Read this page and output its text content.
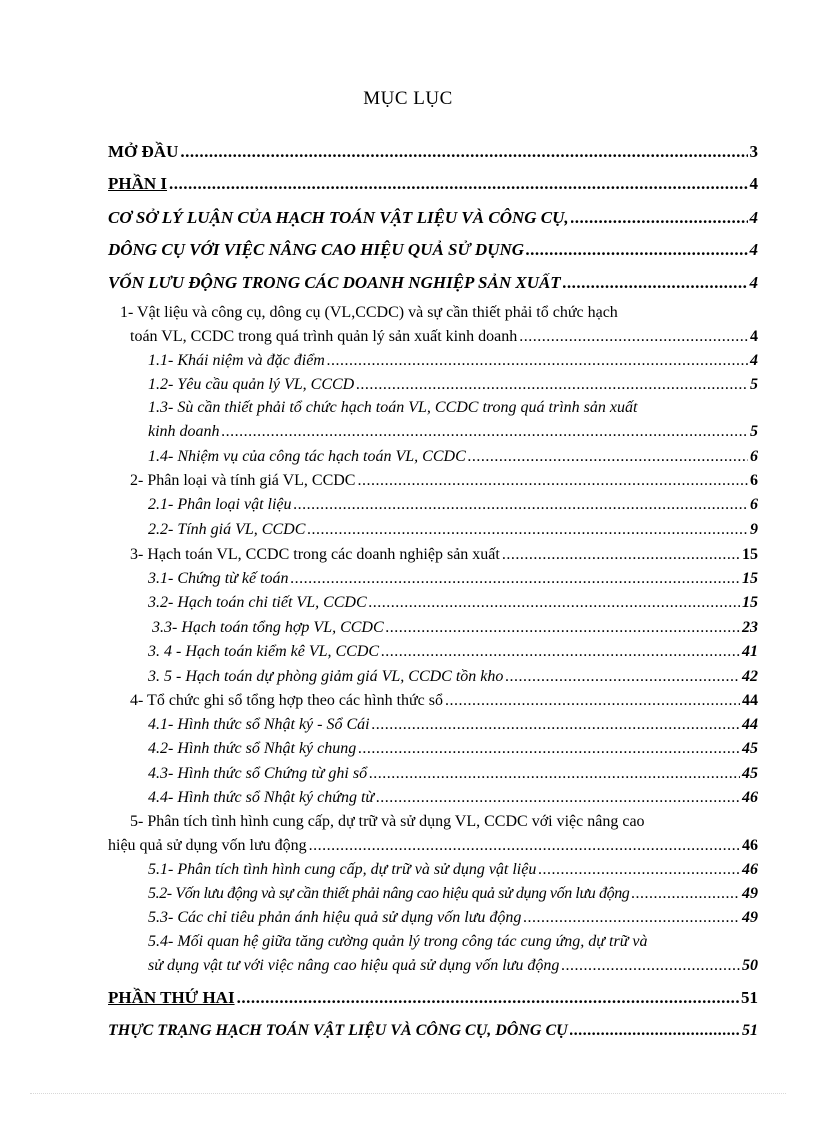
MỤC LỤC
MỞ ĐẦU .....	3
PHẦN I .....	4
CƠ SỞ LÝ LUẬN CỦA HẠCH TOÁN VẬT LIỆU VÀ CÔNG CỤ, .....	4
DÔNG CỤ VỚI VIỆC NÂNG CAO HIỆU QUẢ SỬ DỤNG .....	4
VỐN LƯU ĐỘNG TRONG CÁC DOANH NGHIỆP SẢN XUẤT .....	4
1- Vật liệu và công cụ, dông cụ (VL,CCDC) và sự cần thiết phải tổ chức hạch
toán VL, CCDC trong quá trình quản lý sản xuất kinh doanh .....	4
1.1- Khái niệm và đặc điểm .....	4
1.2- Yêu cầu quản lý VL, CCCD .....	5
1.3- Sù cần thiết phải tổ chức hạch toán VL, CCDC trong quá trình sản xuất
kinh doanh .....	5
1.4- Nhiệm vụ của công tác hạch toán VL, CCDC .....	6
2- Phân loại và tính giá VL, CCDC .....	6
2.1- Phân loại vật liệu .....	6
2.2- Tính giá VL, CCDC .....	9
3- Hạch toán VL, CCDC trong các doanh nghiệp sản xuất .....	15
3.1- Chứng từ kế toán .....	15
3.2- Hạch toán chi tiết VL, CCDC .....	15
3.3- Hạch toán tổng hợp VL, CCDC .....	23
3. 4 - Hạch toán kiểm kê VL, CCDC .....	41
3. 5 - Hạch toán dự phòng giảm giá VL, CCDC tồn kho .....	42
4- Tổ chức ghi sổ tổng hợp theo các hình thức sổ .....	44
4.1- Hình thức sổ Nhật ký - Sổ Cái .....	44
4.2- Hình thức sổ Nhật ký chung .....	45
4.3- Hình thức sổ Chứng từ ghi sổ .....	45
4.4- Hình thức sổ Nhật ký chứng từ .....	46
5- Phân tích tình hình cung cấp, dự trữ và sử dụng VL, CCDC với việc nâng cao
hiệu quả sử dụng vốn lưu động .....	46
5.1- Phân tích tình hình cung cấp, dự trữ và sử dụng vật liệu .....	46
5.2- Vốn lưu động và sự cần thiết phải nâng cao hiệu quả sử dụng vốn lưu động .....	49
5.3- Các chỉ tiêu phản ánh hiệu quả sử dụng vốn lưu động .....	49
5.4- Mối quan hệ giữa tăng cường quản lý trong công tác cung ứng, dự trữ và
sử dụng vật tư với việc nâng cao hiệu quả sử dụng vốn lưu động .....	50
PHẦN THỨ HAI .....	51
THỰC TRẠNG HẠCH TOÁN VẬT LIỆU VÀ CÔNG CỤ, DÔNG CỤ .....	51
